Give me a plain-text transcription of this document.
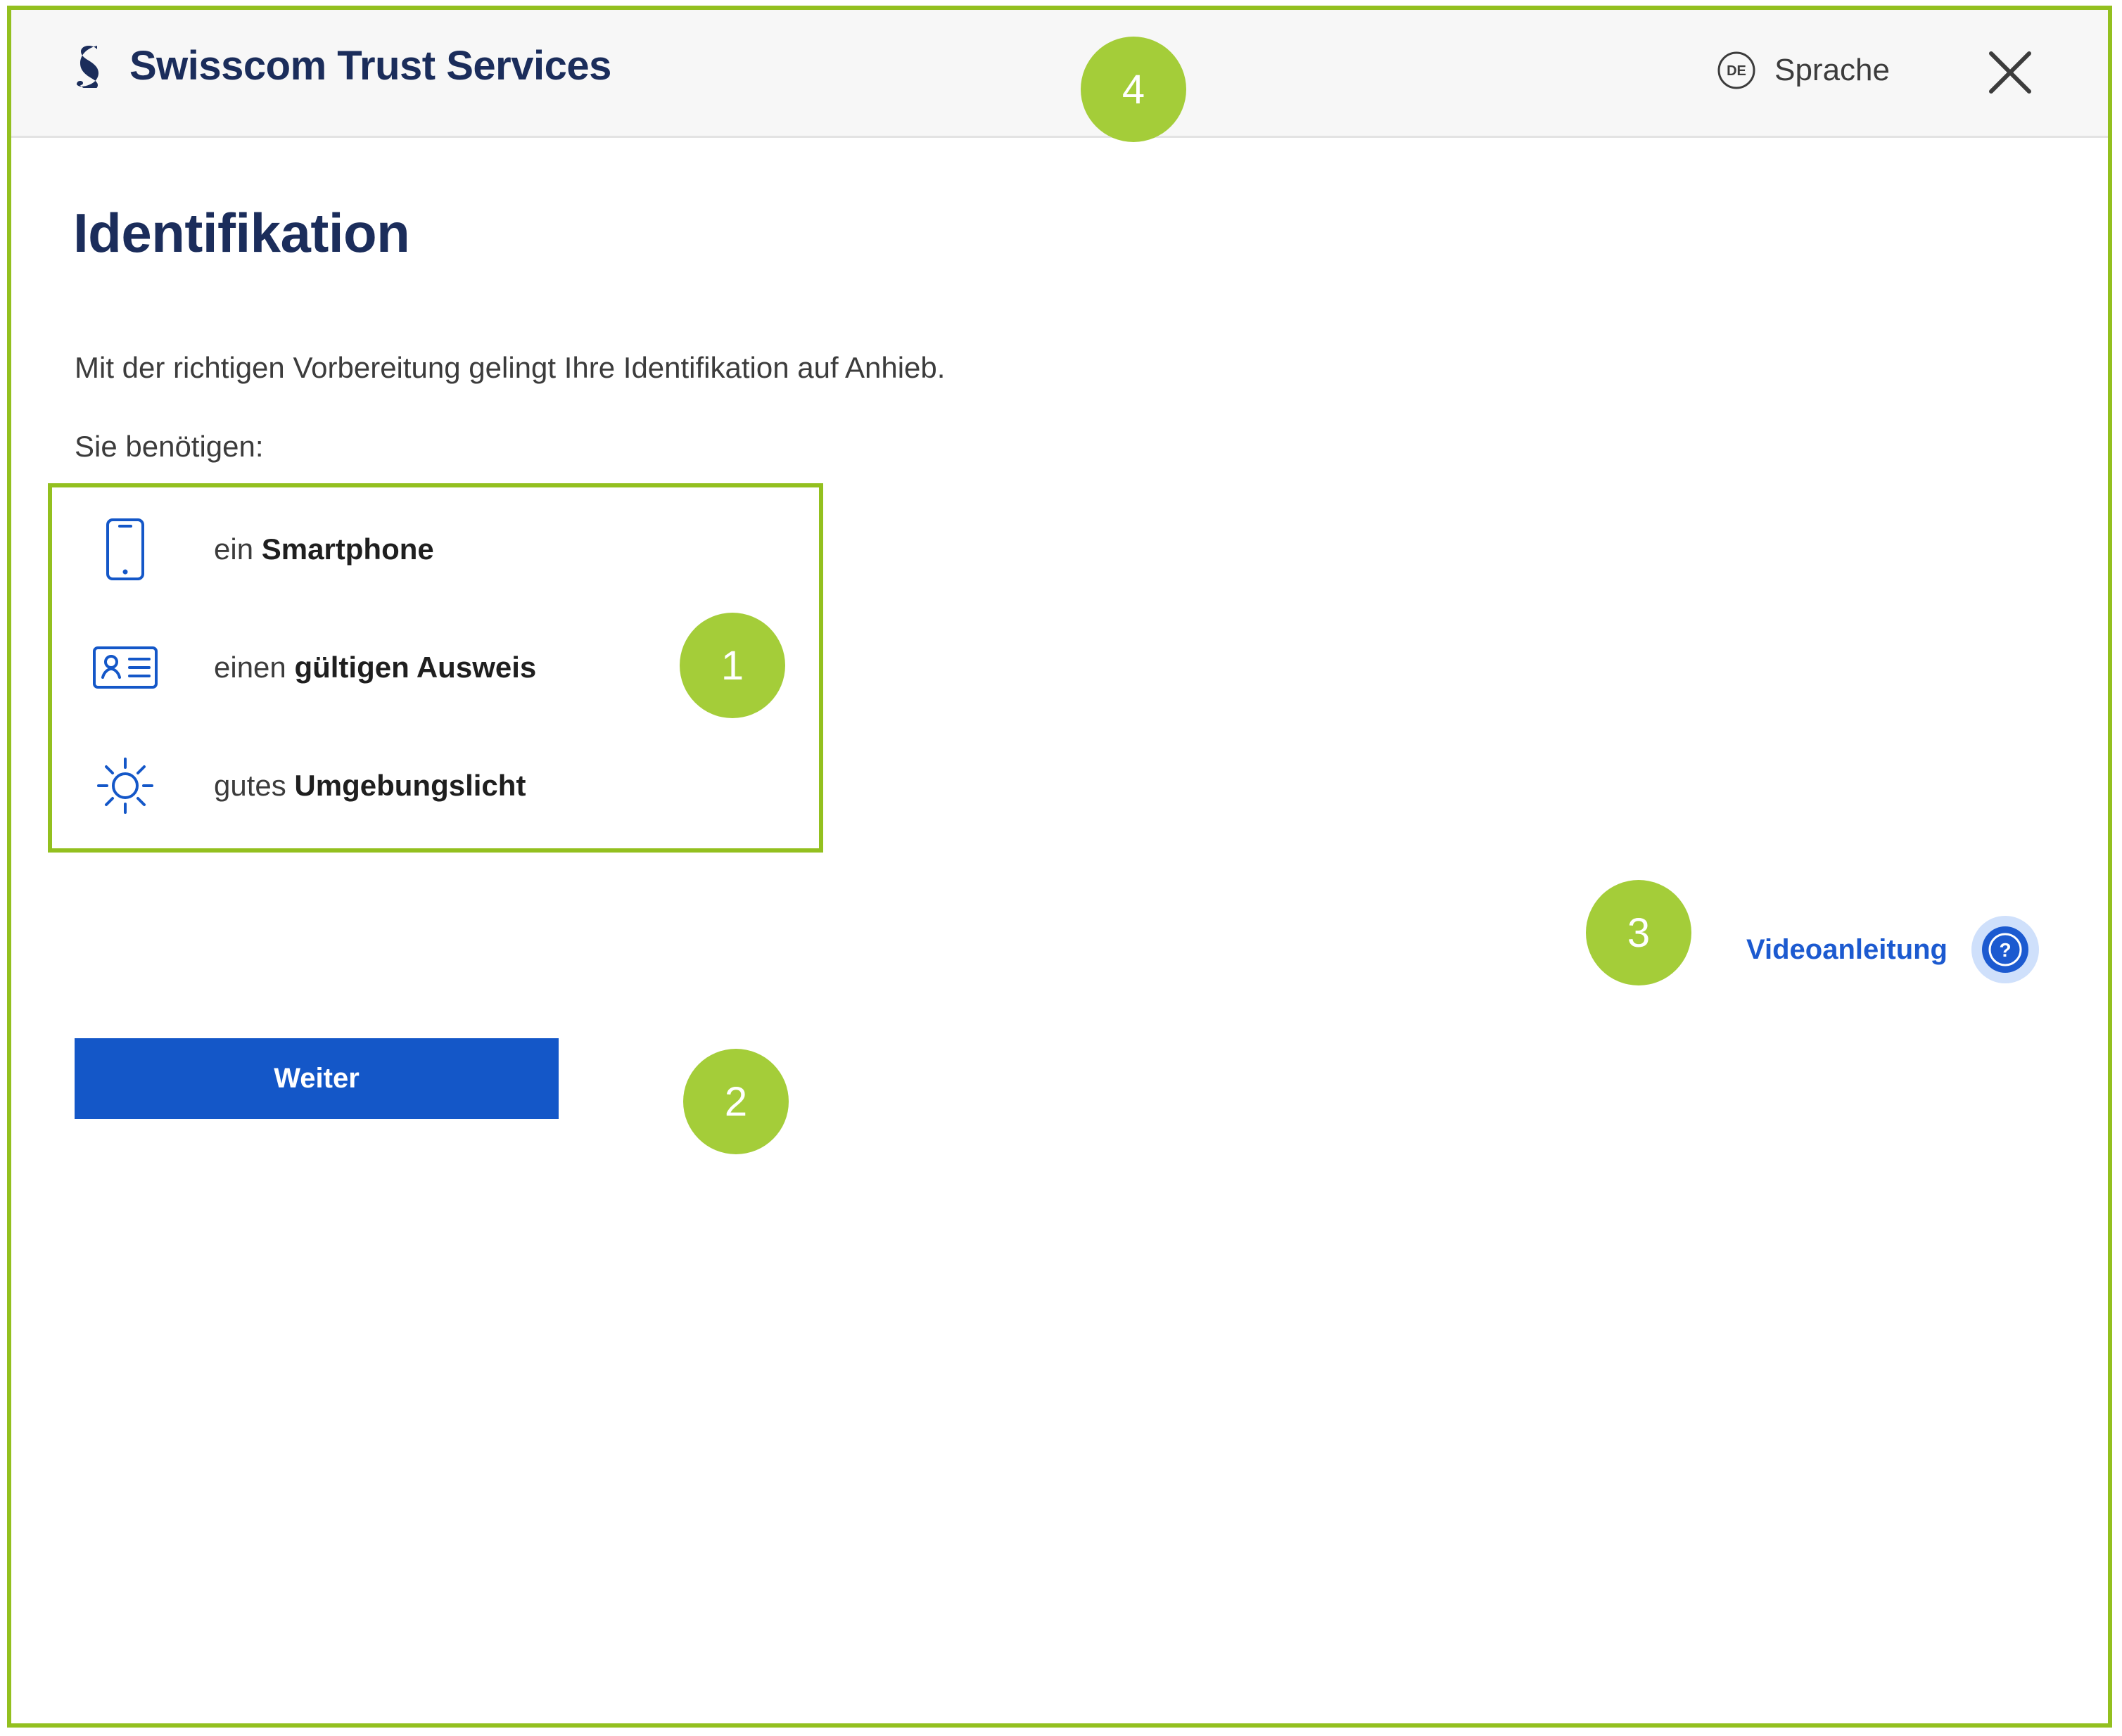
Swisscom Trust Services	DE Sprache
Identifikation
Mit der richtigen Vorbereitung gelingt Ihre Identifikation auf Anhieb.
Sie benötigen:
ein Smartphone
einen gültigen Ausweis
gutes Umgebungslicht
Videoanleitung	?
Weiter
1
2
3
4
